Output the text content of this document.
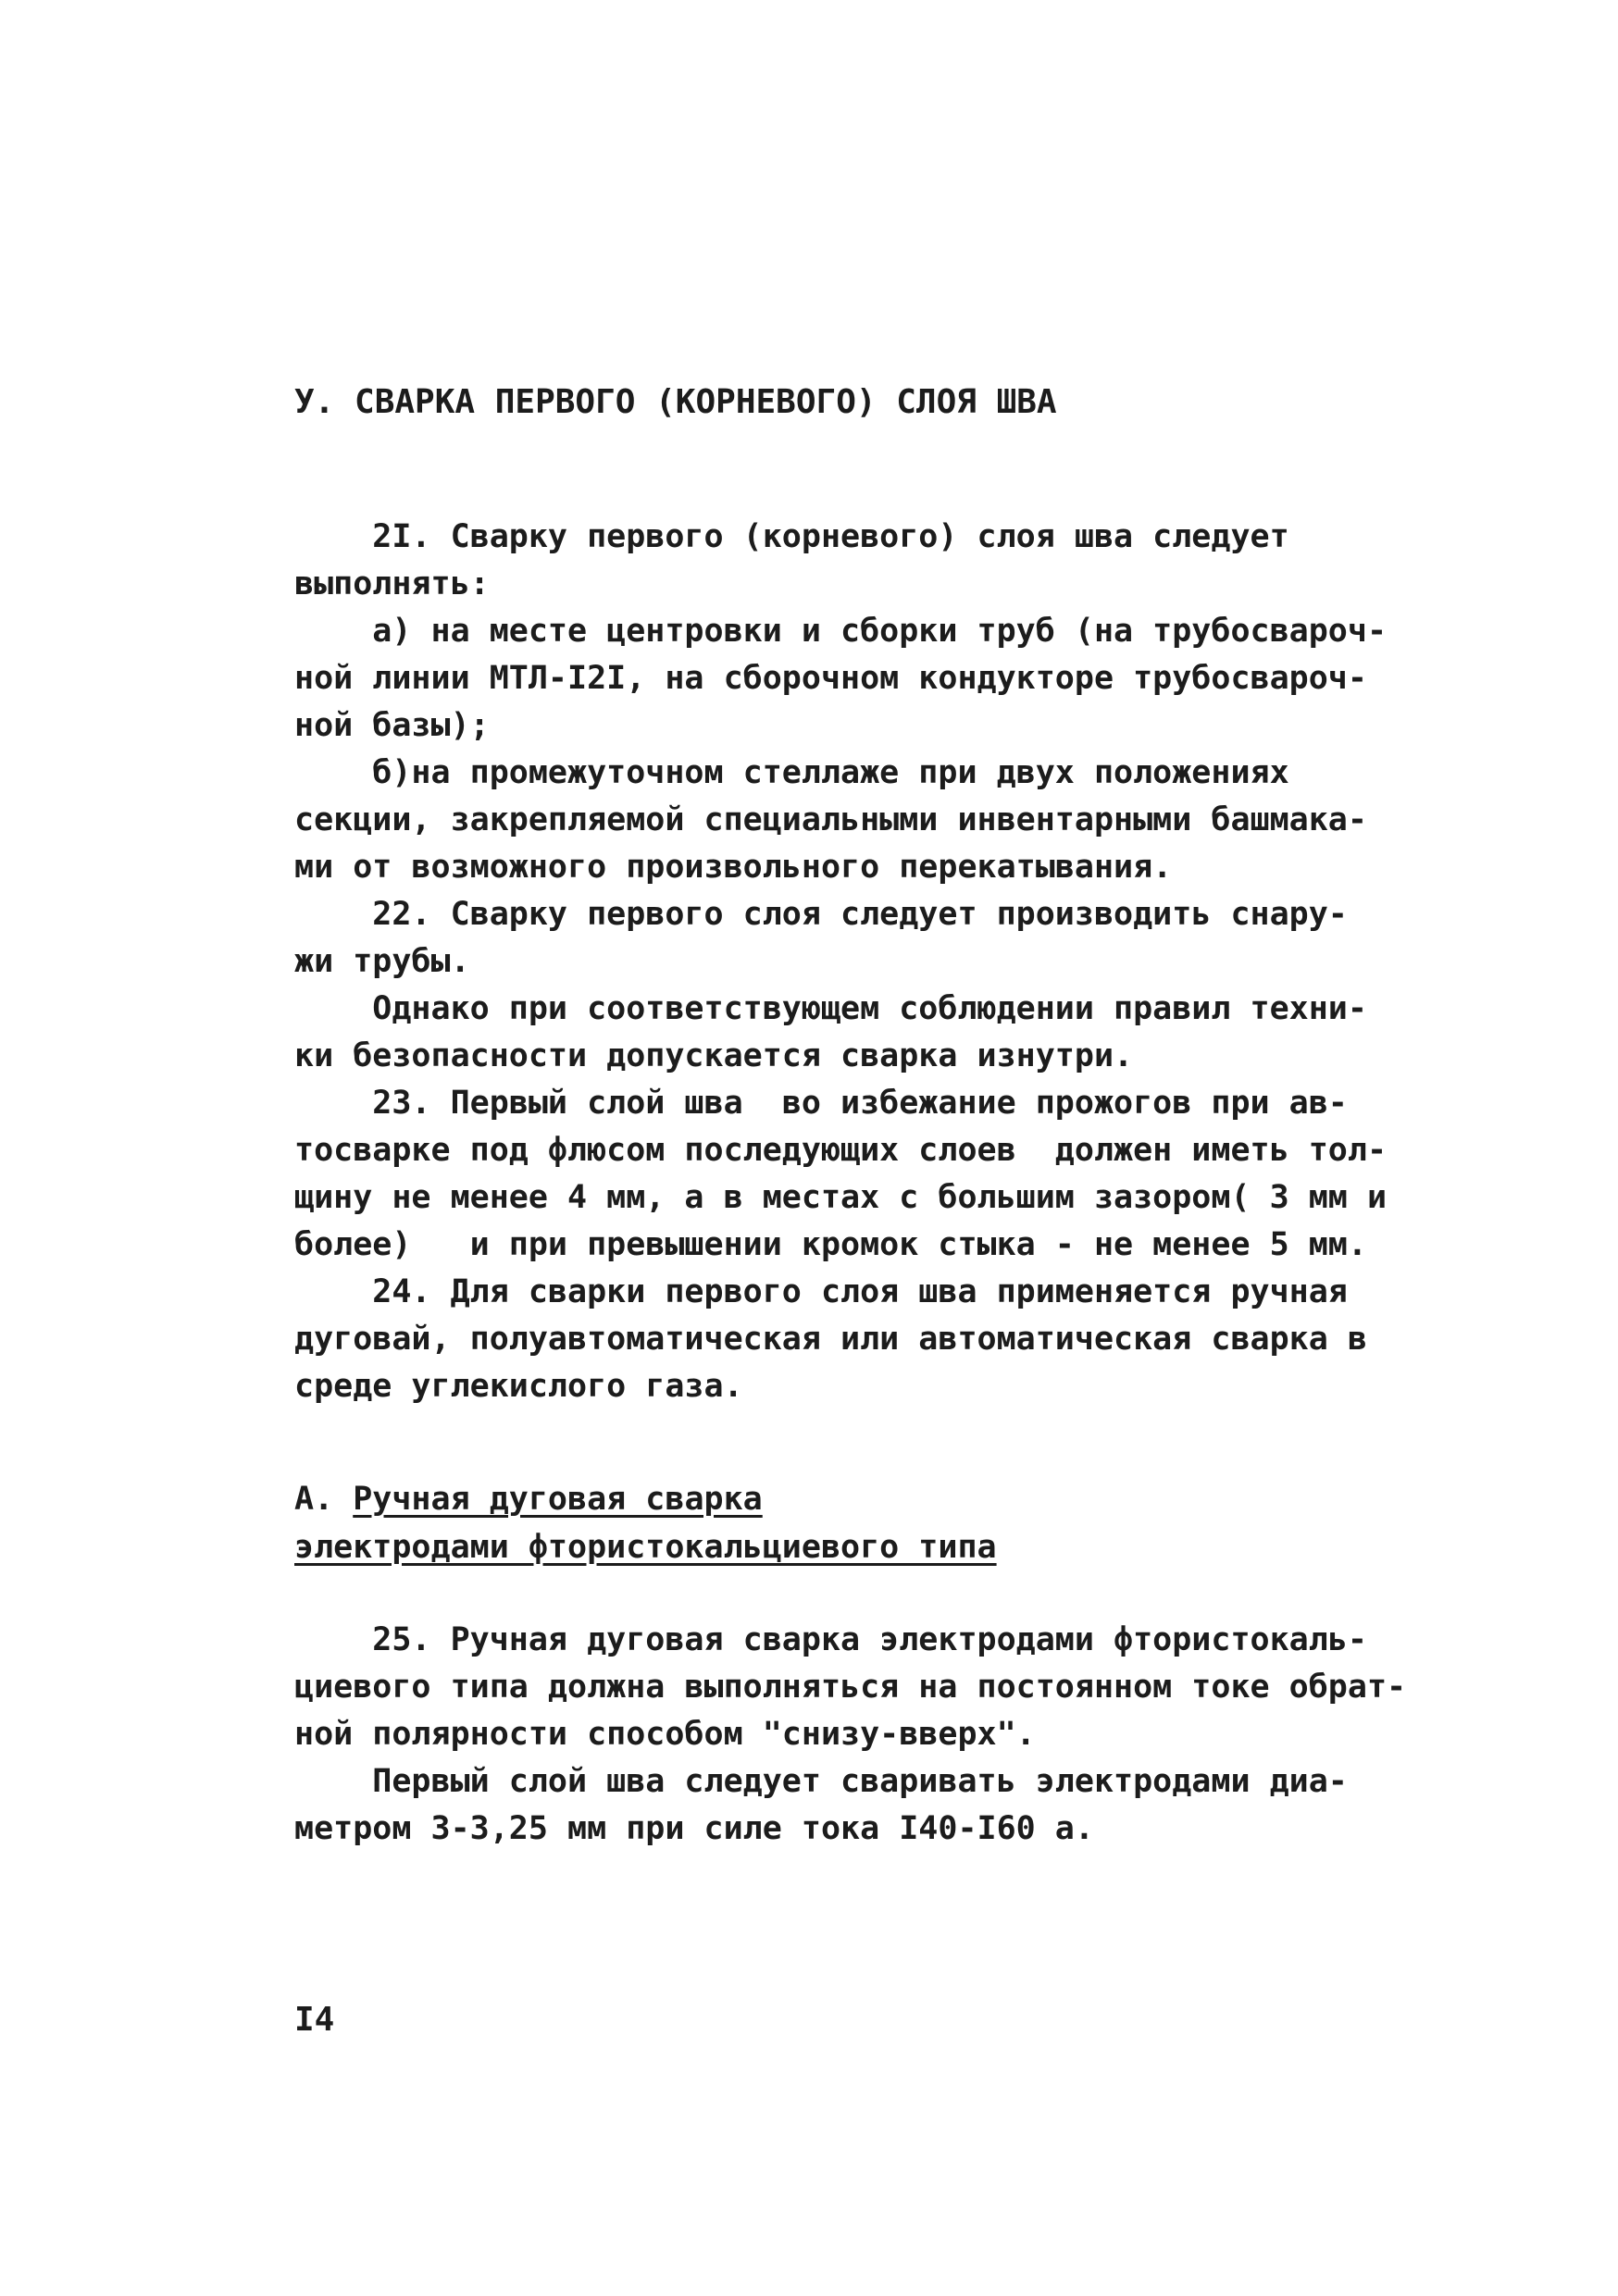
У. СВАРКА ПЕРВОГО (КОРНЕВОГО) СЛОЯ ШВА
2I. Сварку первого (корневого) слоя шва следует
выполнять:
а) на месте центровки и сборки труб (на трубосвароч-
ной линии МТЛ-I2I, на сборочном кондукторе трубосвароч-
ной базы);
б)на промежуточном стеллаже при двух положениях
секции, закрепляемой специальными инвентарными башмака-
ми от возможного произвольного перекатывания.
22. Сварку первого слоя следует производить снару-
жи трубы.
Однако при соответствующем соблюдении правил техни-
ки безопасности допускается сварка изнутри.
23. Первый слой шва  во избежание прожогов при ав-
тосварке под флюсом последующих слоев  должен иметь тол-
щину не менее 4 мм, а в местах с большим зазором( 3 мм и
более)   и при превышении кромок стыка - не менее 5 мм.
24. Для сварки первого слоя шва применяется ручная
дуговай, полуавтоматическая или автоматическая сварка в
среде углекислого газа.
А. Ручная дуговая сварка
электродами фтористокальциевого типа
25. Ручная дуговая сварка электродами фтористокаль-
циевого типа должна выполняться на постоянном токе обрат-
ной полярности способом "снизу-вверх".
Первый слой шва следует сваривать электродами диа-
метром 3-3,25 мм при силе тока I40-I60 а.
I4
